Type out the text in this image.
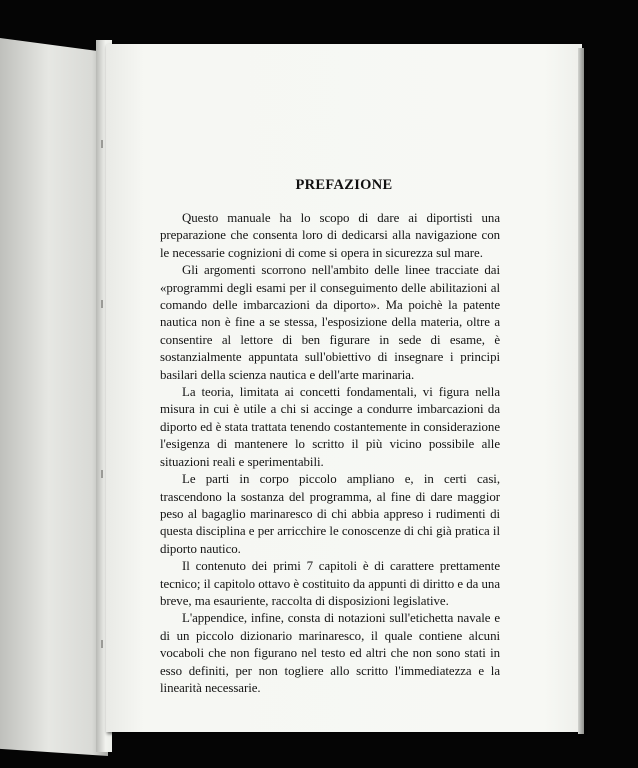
PREFAZIONE

Questo manuale ha lo scopo di dare ai diportisti una preparazione che consenta loro di dedicarsi alla navigazione con le necessarie cognizioni di come si opera in sicurezza sul mare.

Gli argomenti scorrono nell'ambito delle linee tracciate dai «programmi degli esami per il conseguimento delle abilitazioni al comando delle imbarcazioni da diporto». Ma poichè la patente nautica non è fine a se stessa, l'esposizione della materia, oltre a consentire al lettore di ben figurare in sede di esame, è sostanzialmente appuntata sull'obiettivo di insegnare i principi basilari della scienza nautica e dell'arte marinaria.

La teoria, limitata ai concetti fondamentali, vi figura nella misura in cui è utile a chi si accinge a condurre imbarcazioni da diporto ed è stata trattata tenendo costantemente in considerazione l'esigenza di mantenere lo scritto il più vicino possibile alle situazioni reali e sperimentabili.

Le parti in corpo piccolo ampliano e, in certi casi, trascendono la sostanza del programma, al fine di dare maggior peso al bagaglio marinaresco di chi abbia appreso i rudimenti di questa disciplina e per arricchire le conoscenze di chi già pratica il diporto nautico.

Il contenuto dei primi 7 capitoli è di carattere prettamente tecnico; il capitolo ottavo è costituito da appunti di diritto e da una breve, ma esauriente, raccolta di disposizioni legislative.

L'appendice, infine, consta di notazioni sull'etichetta navale e di un piccolo dizionario marinaresco, il quale contiene alcuni vocaboli che non figurano nel testo ed altri che non sono stati in esso definiti, per non togliere allo scritto l'immediatezza e la linearità necessarie.
